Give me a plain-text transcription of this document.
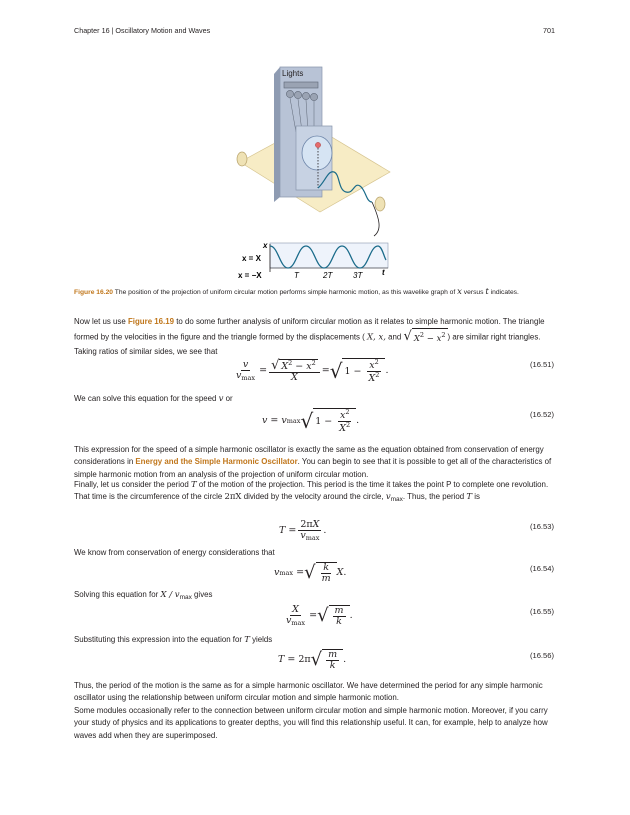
Chapter 16 | Oscillatory Motion and Waves	701
Lights
x
x = X
x = −X	T	2T	3T t
Figure 16.20 The position of the projection of uniform circular motion performs simple harmonic motion, as this wavelike graph of x versus t indicates.
Now let us use Figure 16.19 to do some further analysis of uniform circular motion as it relates to simple harmonic motion. The triangle formed by the velocities in the figure and the triangle formed by the displacements ( X, x, and √ $X^2 - x^2$ ) are similar right triangles. Taking ratios of similar sides, we see that
$\frac{v}{v_{max}} = \frac{√ X^2 - x^2}{X}$ = √ $1 - \frac{x^2}{X^2}$ .
(16.51)
We can solve this equation for the speed v or
v = v max √ $1 - \frac{x^2}{X^2}$ .
(16.52)
This expression for the speed of a simple harmonic oscillator is exactly the same as the equation obtained from conservation of energy considerations in Energy and the Simple Harmonic Oscillator. You can begin to see that it is possible to get all of the characteristics of simple harmonic motion from an analysis of the projection of uniform circular motion.
Finally, let us consider the period T of the motion of the projection. This period is the time it takes the point P to complete one revolution. That time is the circumference of the circle 2πX divided by the velocity around the circle, $v_{max}$. Thus, the period T is
$T = \frac{2\pi X}{v_{max}}$ .	(16.53)
We know from conservation of energy considerations that
v max = √ $\frac{k}{m}$ X .	(16.54)
Solving this equation for X / $v_{max}$ gives
$\frac{X}{v_{max}}$ = √ $\frac{m}{k}$ .	(16.55)
Substituting this expression into the equation for T yields
T = 2π √ $\frac{m}{k}$ .	(16.56)
Thus, the period of the motion is the same as for a simple harmonic oscillator. We have determined the period for any simple harmonic oscillator using the relationship between uniform circular motion and simple harmonic motion.
Some modules occasionally refer to the connection between uniform circular motion and simple harmonic motion. Moreover, if you carry your study of physics and its applications to greater depths, you will find this relationship useful. It can, for example, help to analyze how waves add when they are superimposed.
